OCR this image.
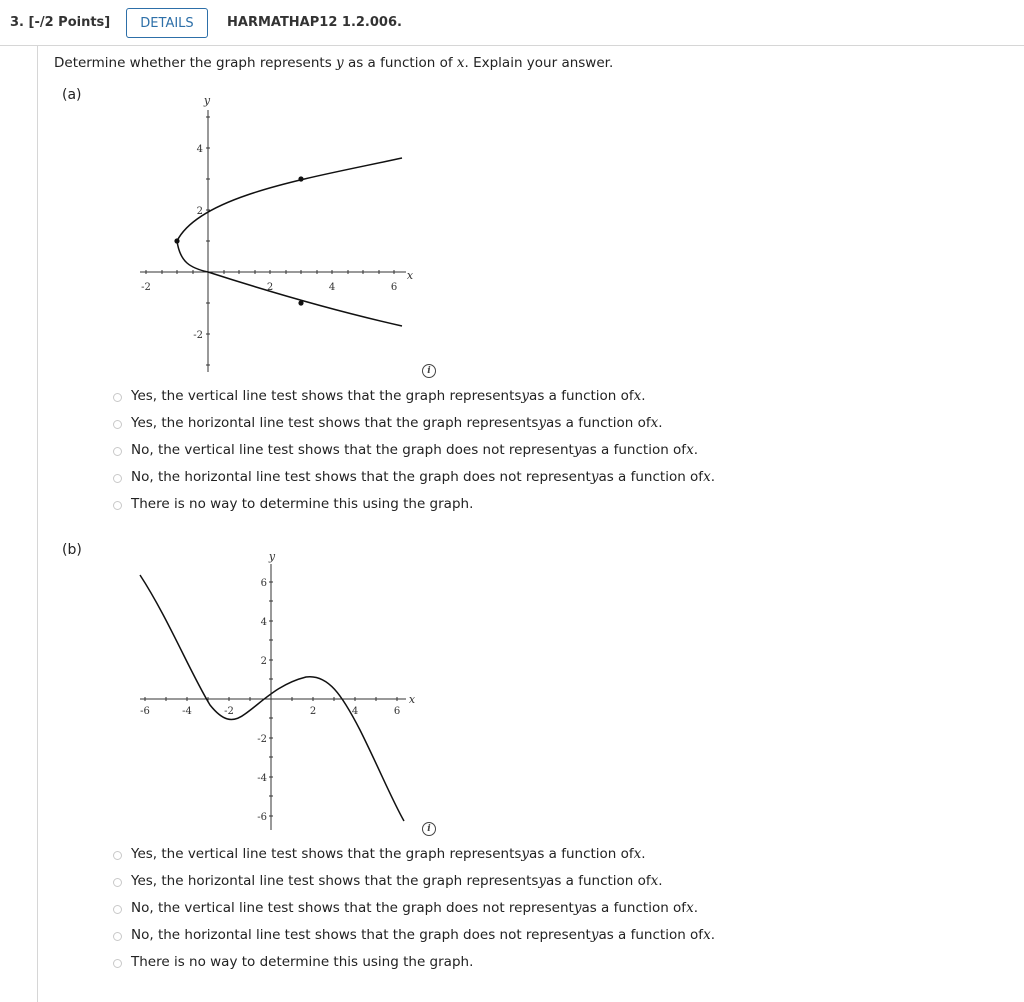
3. [-/2 Points]	DETAILS	HARMATHAP12 1.2.006.
Determine whether the graph represents y as a function of x. Explain your answer.
(a)
-2	2	4	6
4
2
-2
y
x
i
Yes, the vertical line test shows that the graph represents y as a function of x .
Yes, the horizontal line test shows that the graph represents y as a function of x .
No, the vertical line test shows that the graph does not represent y as a function of x .
No, the horizontal line test shows that the graph does not represent y as a function of x .
There is no way to determine this using the graph.
(b)
-6	-4	-2	2	4	6
6
4
2
-2
-4
-6
y
x
i
Yes, the vertical line test shows that the graph represents y as a function of x .
Yes, the horizontal line test shows that the graph represents y as a function of x .
No, the vertical line test shows that the graph does not represent y as a function of x .
No, the horizontal line test shows that the graph does not represent y as a function of x .
There is no way to determine this using the graph.
